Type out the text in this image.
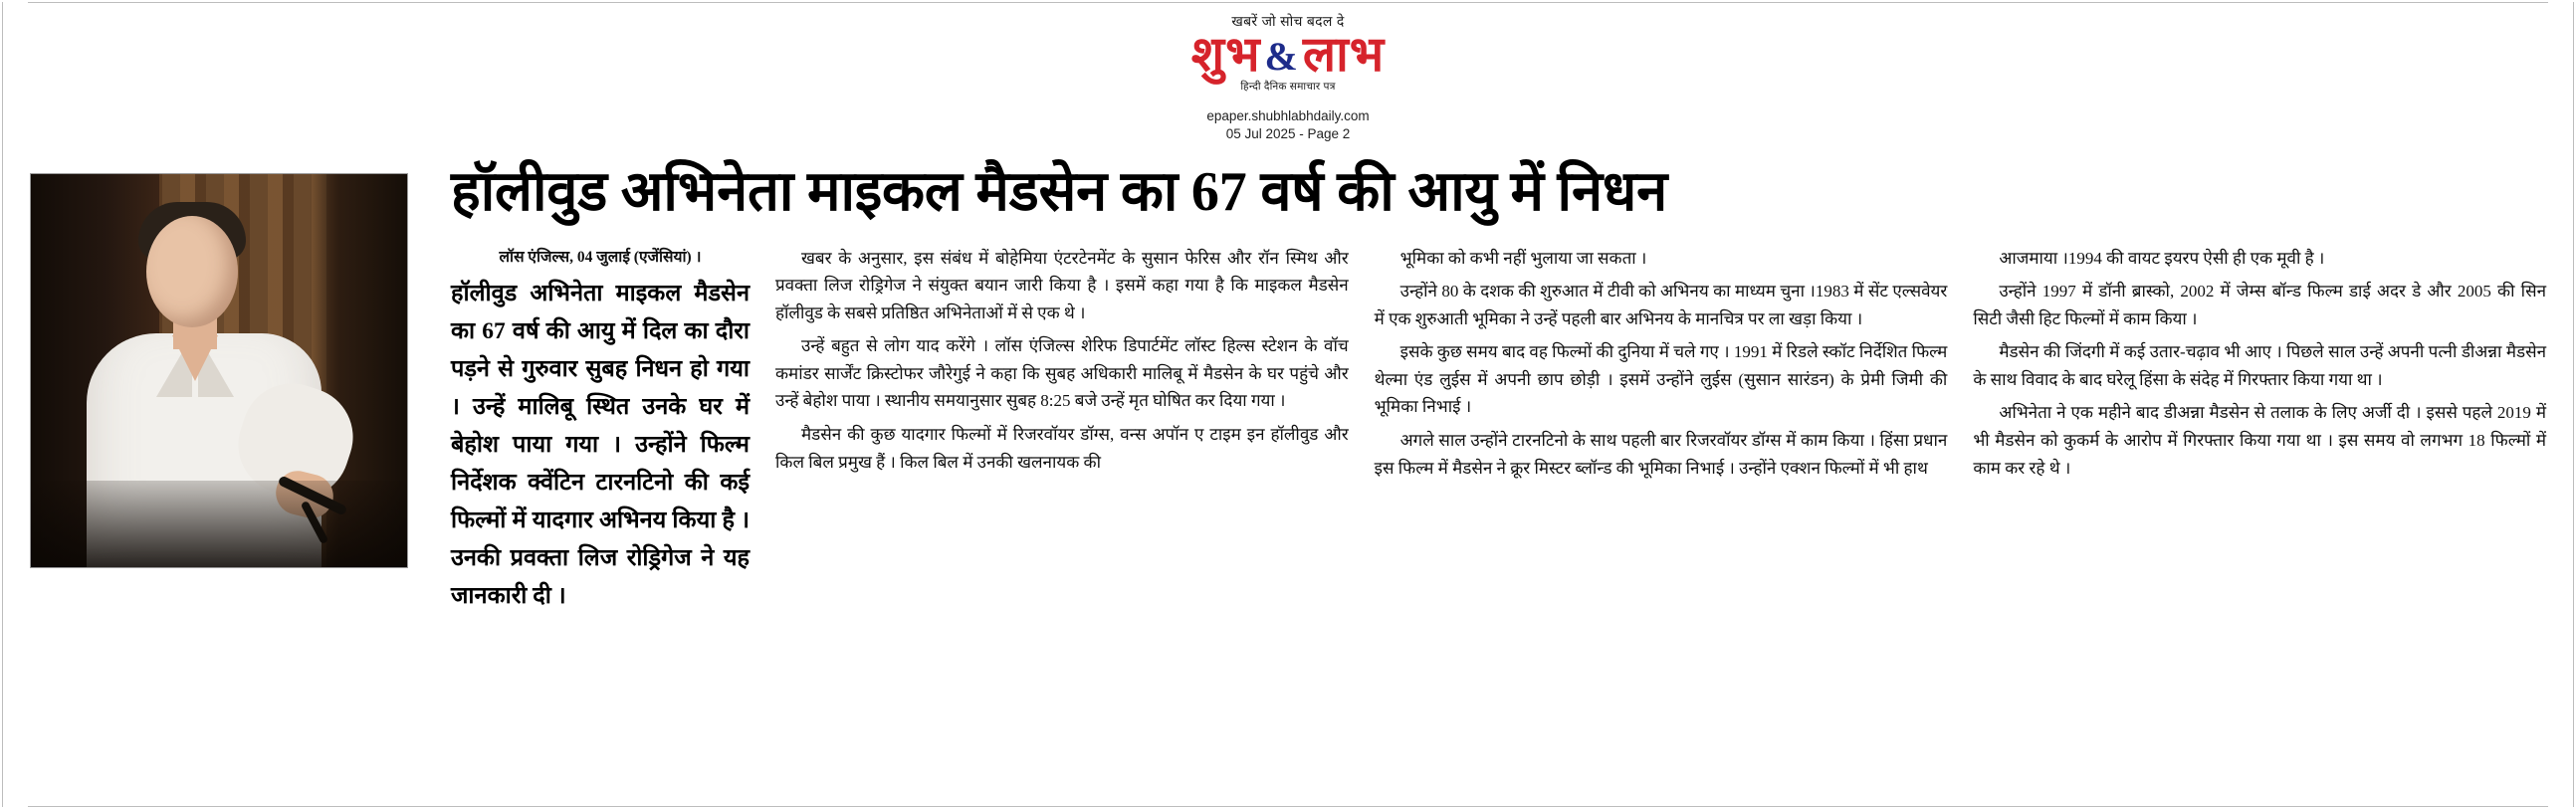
खबरें जो सोच बदल दे
शुभ & लाभ
हिन्दी दैनिक समाचार पत्र
epaper.shubhlabhdaily.com
05 Jul 2025 - Page 2
हॉलीवुड अभिनेता माइकल मैडसेन का 67 वर्ष की आयु में निधन
लॉस एंजिल्स, 04 जुलाई (एजेंसियां) ।
हॉलीवुड अभिनेता माइकल मैडसेन का 67 वर्ष की आयु में दिल का दौरा पड़ने से गुरुवार सुबह निधन हो गया । उन्हें मालिबू स्थित उनके घर में बेहोश पाया गया । उन्होंने फिल्म निर्देशक क्वेंटिन टारनटिनो की कई फिल्मों में यादगार अभिनय किया है । उनकी प्रवक्ता लिज रोड्रिगेज ने यह जानकारी दी ।

खबर के अनुसार, इस संबंध में बोहेमिया एंटरटेनमेंट के सुसान फेरिस और रॉन स्मिथ और प्रवक्ता लिज रोड्रिगेज ने संयुक्त बयान जारी किया है । इसमें कहा गया है कि माइकल मैडसेन हॉलीवुड के सबसे प्रतिष्ठित अभिनेताओं में से एक थे ।

उन्हें बहुत से लोग याद करेंगे । लॉस एंजिल्स शेरिफ डिपार्टमेंट लॉस्ट हिल्स स्टेशन के वॉच कमांडर सार्जेंट क्रिस्टोफर जौरेगुई ने कहा कि सुबह अधिकारी मालिबू में मैडसेन के घर पहुंचे और उन्हें बेहोश पाया । स्थानीय समयानुसार सुबह 8:25 बजे उन्हें मृत घोषित कर दिया गया ।

मैडसेन की कुछ यादगार फिल्मों में रिजरवॉयर डॉग्स, वन्स अपॉन ए टाइम इन हॉलीवुड और किल बिल प्रमुख हैं । किल बिल में उनकी खलनायक की

भूमिका को कभी नहीं भुलाया जा सकता ।

उन्होंने 80 के दशक की शुरुआत में टीवी को अभिनय का माध्यम चुना ।1983 में सेंट एल्सवेयर में एक शुरुआती भूमिका ने उन्हें पहली बार अभिनय के मानचित्र पर ला खड़ा किया ।

इसके कुछ समय बाद वह फिल्मों की दुनिया में चले गए । 1991 में रिडले स्कॉट निर्देशित फिल्म थेल्मा एंड लुईस में अपनी छाप छोड़ी । इसमें उन्होंने लुईस (सुसान सारंडन) के प्रेमी जिमी की भूमिका निभाई ।

अगले साल उन्होंने टारनटिनो के साथ पहली बार रिजरवॉयर डॉग्स में काम किया । हिंसा प्रधान इस फिल्म में मैडसेन ने क्रूर मिस्टर ब्लॉन्ड की भूमिका निभाई । उन्होंने एक्शन फिल्मों में भी हाथ

आजमाया ।1994 की वायट इयरप ऐसी ही एक मूवी है ।

उन्होंने 1997 में डॉनी ब्रास्को, 2002 में जेम्स बॉन्ड फिल्म डाई अदर डे और 2005 की सिन सिटी जैसी हिट फिल्मों में काम किया ।

मैडसेन की जिंदगी में कई उतार-चढ़ाव भी आए । पिछले साल उन्हें अपनी पत्नी डीअन्ना मैडसेन के साथ विवाद के बाद घरेलू हिंसा के संदेह में गिरफ्तार किया गया था ।

अभिनेता ने एक महीने बाद डीअन्ना मैडसेन से तलाक के लिए अर्जी दी । इससे पहले 2019 में भी मैडसेन को कुकर्म के आरोप में गिरफ्तार किया गया था । इस समय वो लगभग 18 फिल्मों में काम कर रहे थे ।
